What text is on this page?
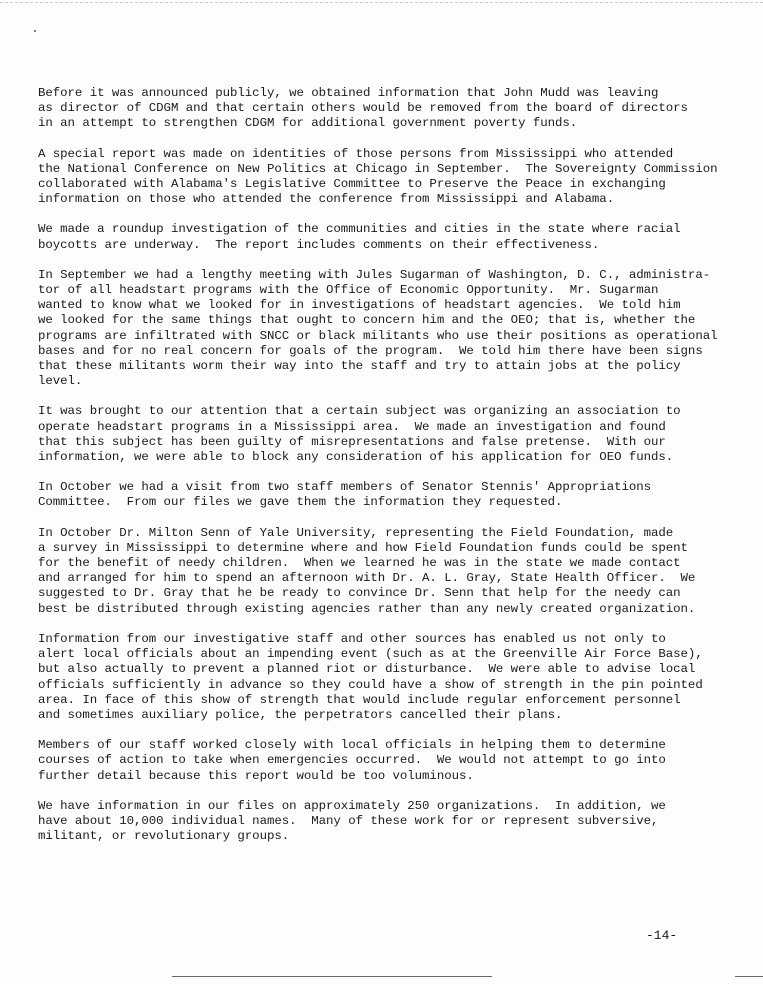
Before it was announced publicly, we obtained information that John Mudd was leaving
as director of CDGM and that certain others would be removed from the board of directors
in an attempt to strengthen CDGM for additional government poverty funds.

A special report was made on identities of those persons from Mississippi who attended
the National Conference on New Politics at Chicago in September.  The Sovereignty Commission
collaborated with Alabama's Legislative Committee to Preserve the Peace in exchanging
information on those who attended the conference from Mississippi and Alabama.

We made a roundup investigation of the communities and cities in the state where racial
boycotts are underway.  The report includes comments on their effectiveness.

In September we had a lengthy meeting with Jules Sugarman of Washington, D. C., administra-
tor of all headstart programs with the Office of Economic Opportunity.  Mr. Sugarman
wanted to know what we looked for in investigations of headstart agencies.  We told him
we looked for the same things that ought to concern him and the OEO; that is, whether the
programs are infiltrated with SNCC or black militants who use their positions as operational
bases and for no real concern for goals of the program.  We told him there have been signs
that these militants worm their way into the staff and try to attain jobs at the policy
level.

It was brought to our attention that a certain subject was organizing an association to
operate headstart programs in a Mississippi area.  We made an investigation and found
that this subject has been guilty of misrepresentations and false pretense.  With our
information, we were able to block any consideration of his application for OEO funds.

In October we had a visit from two staff members of Senator Stennis' Appropriations
Committee.  From our files we gave them the information they requested.

In October Dr. Milton Senn of Yale University, representing the Field Foundation, made
a survey in Mississippi to determine where and how Field Foundation funds could be spent
for the benefit of needy children.  When we learned he was in the state we made contact
and arranged for him to spend an afternoon with Dr. A. L. Gray, State Health Officer.  We
suggested to Dr. Gray that he be ready to convince Dr. Senn that help for the needy can
best be distributed through existing agencies rather than any newly created organization.

Information from our investigative staff and other sources has enabled us not only to
alert local officials about an impending event (such as at the Greenville Air Force Base),
but also actually to prevent a planned riot or disturbance.  We were able to advise local
officials sufficiently in advance so they could have a show of strength in the pin pointed
area. In face of this show of strength that would include regular enforcement personnel
and sometimes auxiliary police, the perpetrators cancelled their plans.

Members of our staff worked closely with local officials in helping them to determine
courses of action to take when emergencies occurred.  We would not attempt to go into
further detail because this report would be too voluminous.

We have information in our files on approximately 250 organizations.  In addition, we
have about 10,000 individual names.  Many of these work for or represent subversive,
militant, or revolutionary groups.

-14-
